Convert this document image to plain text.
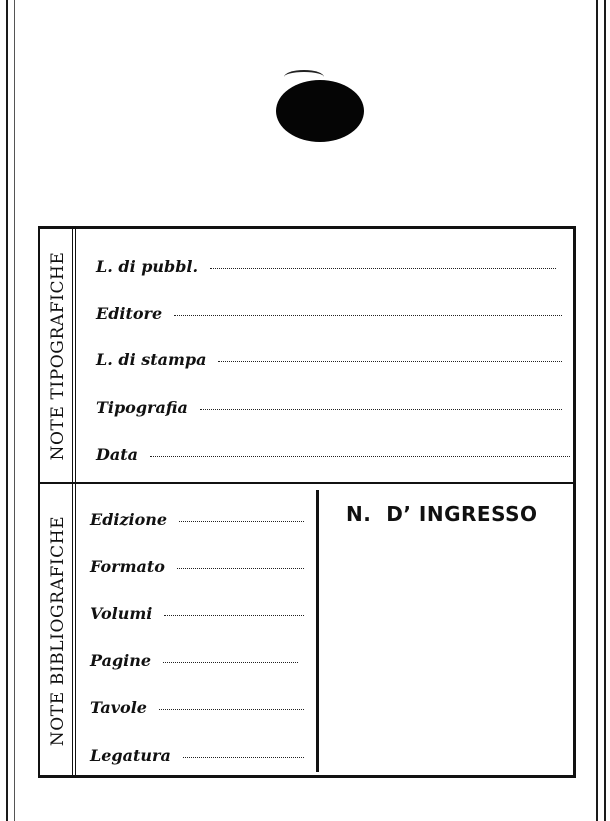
NOTE TIPOGRAFICHE L. di pubbl.
Editore
L. di stampa
Tipografia
Data
NOTE BIBLIOGRAFICHE Edizione
Formato
Volumi
Pagine
Tavole
Legatura
N.  D’ INGRESSO
